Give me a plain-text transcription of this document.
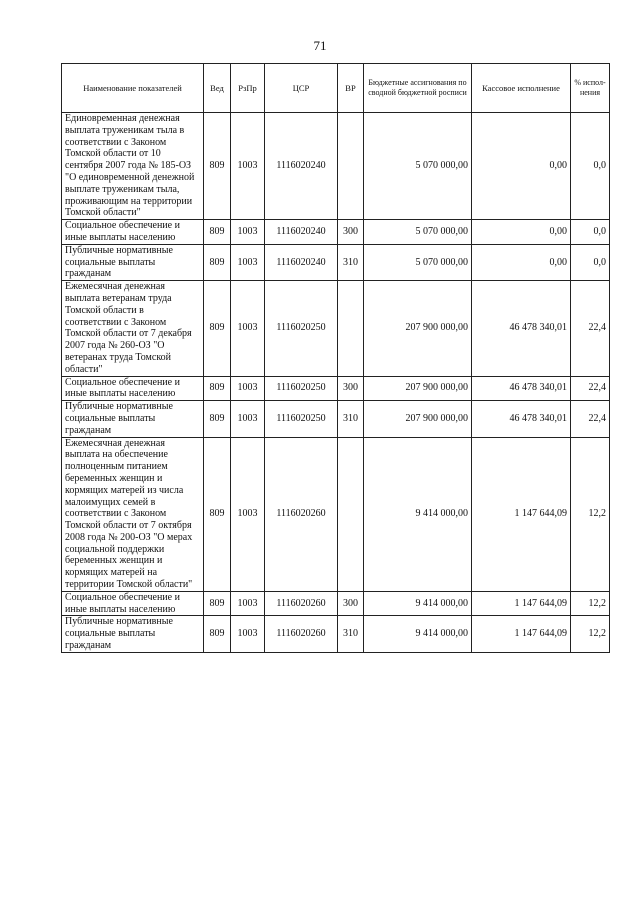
71
Наименование показателей	Вед	РзПр	ЦСР	ВР	Бюджетные ассигнования по сводной бюджетной росписи	Кассовое исполнение	% испол-нения
Единовременная денежная выплата труженикам тыла в соответствии с Законом Томской области от 10 сентября 2007 года № 185-ОЗ "О единовременной денежной выплате труженикам тыла, проживающим на территории Томской области"	809	1003	1116020240		5 070 000,00	0,00	0,0
Социальное обеспечение и иные выплаты населению	809	1003	1116020240	300	5 070 000,00	0,00	0,0
Публичные нормативные социальные выплаты гражданам	809	1003	1116020240	310	5 070 000,00	0,00	0,0
Ежемесячная денежная выплата ветеранам труда Томской области в соответствии с Законом Томской области от 7 декабря 2007 года № 260-ОЗ "О ветеранах труда Томской области"	809	1003	1116020250		207 900 000,00	46 478 340,01	22,4
Социальное обеспечение и иные выплаты населению	809	1003	1116020250	300	207 900 000,00	46 478 340,01	22,4
Публичные нормативные социальные выплаты гражданам	809	1003	1116020250	310	207 900 000,00	46 478 340,01	22,4
Ежемесячная денежная выплата на обеспечение полноценным питанием беременных женщин и кормящих матерей из числа малоимущих семей в соответствии с Законом Томской области от 7 октября 2008 года № 200-ОЗ "О мерах социальной поддержки беременных женщин и кормящих матерей на территории Томской области"	809	1003	1116020260		9 414 000,00	1 147 644,09	12,2
Социальное обеспечение и иные выплаты населению	809	1003	1116020260	300	9 414 000,00	1 147 644,09	12,2
Публичные нормативные социальные выплаты гражданам	809	1003	1116020260	310	9 414 000,00	1 147 644,09	12,2
